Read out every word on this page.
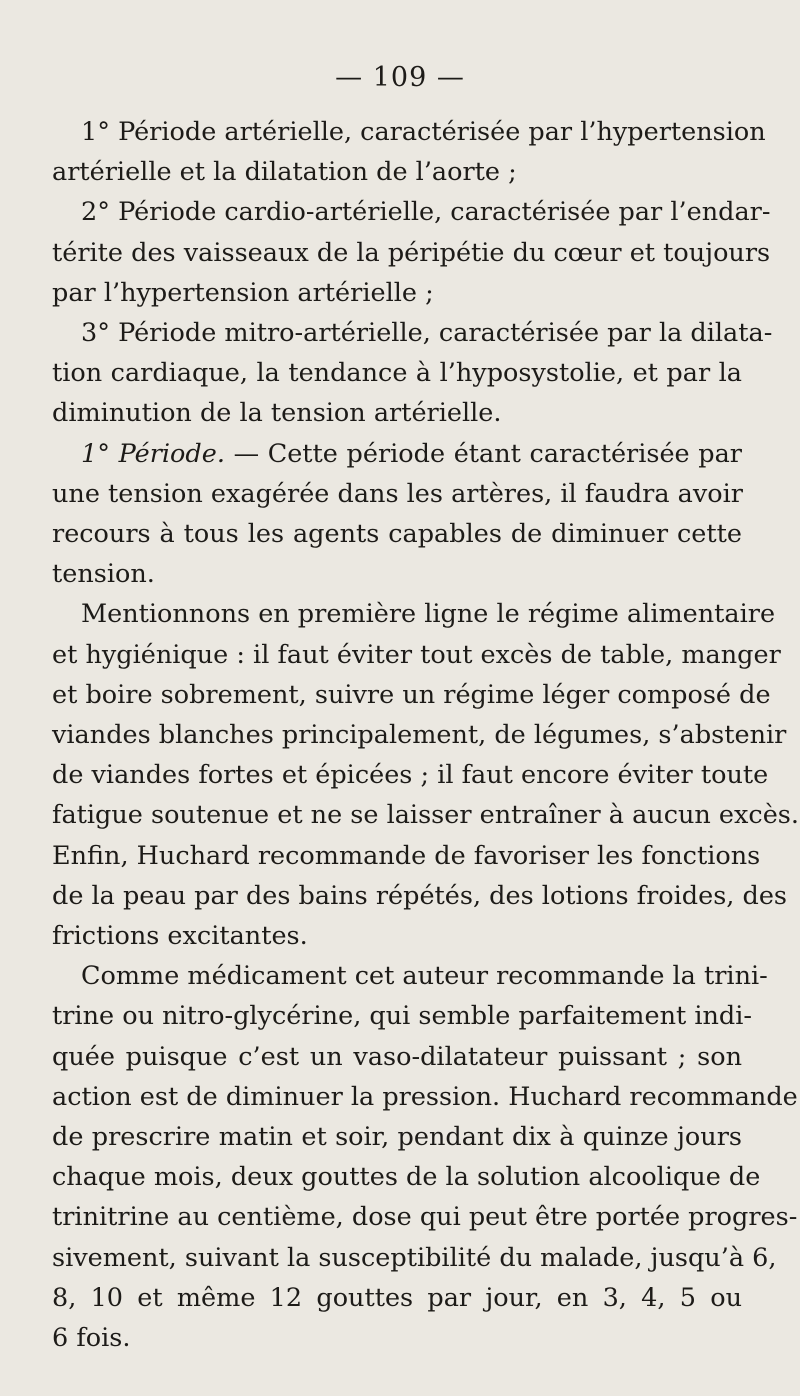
— 109 —

1° Période artérielle, caractérisée par l’hypertension
artérielle et la dilatation de l’aorte ;

2° Période cardio-artérielle, caractérisée par l’endar-
térite des vaisseaux de la péripétie du cœur et toujours
par l’hypertension artérielle ;

3° Période mitro-artérielle, caractérisée par la dilata-
tion cardiaque, la tendance à l’hyposystolie, et par la
diminution de la tension artérielle.

1° Période. — Cette période étant caractérisée par
une tension exagérée dans les artères, il faudra avoir
recours à tous les agents capables de diminuer cette
tension.

Mentionnons en première ligne le régime alimentaire
et hygiénique : il faut éviter tout excès de table, manger
et boire sobrement, suivre un régime léger composé de
viandes blanches principalement, de légumes, s’abstenir
de viandes fortes et épicées ; il faut encore éviter toute
fatigue soutenue et ne se laisser entraîner à aucun excès.
Enfin, Huchard recommande de favoriser les fonctions
de la peau par des bains répétés, des lotions froides, des
frictions excitantes.

Comme médicament cet auteur recommande la trini-
trine ou nitro-glycérine, qui semble parfaitement indi-
quée puisque c’est un vaso-dilatateur puissant ; son
action est de diminuer la pression. Huchard recommande
de prescrire matin et soir, pendant dix à quinze jours
chaque mois, deux gouttes de la solution alcoolique de
trinitrine au centième, dose qui peut être portée progres-
sivement, suivant la susceptibilité du malade, jusqu’à 6,
8, 10 et même 12 gouttes par jour, en 3, 4, 5 ou
6 fois.
